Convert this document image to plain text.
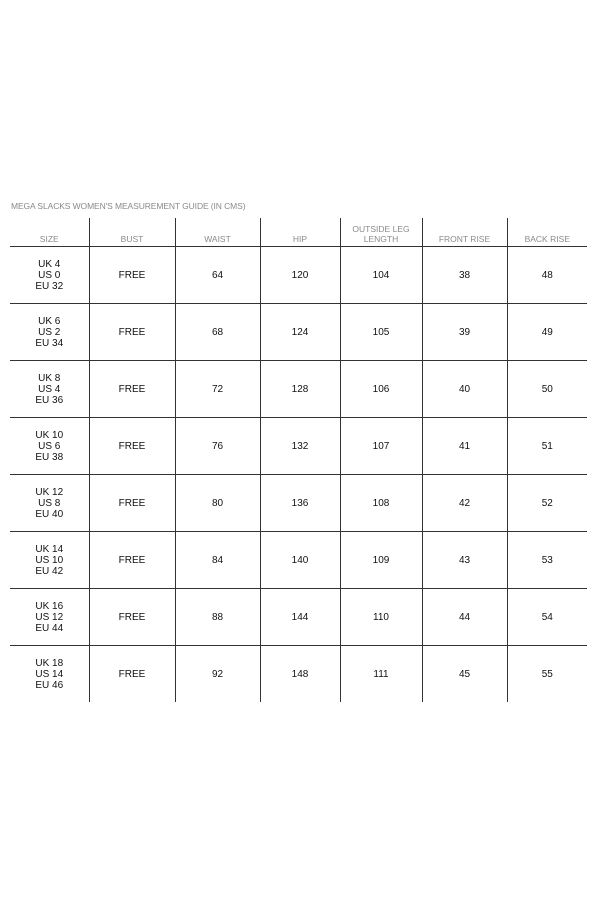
MEGA SLACKS WOMEN'S MEASUREMENT GUIDE (IN CMS)
SIZE	BUST	WAIST	HIP	OUTSIDE LEG LENGTH	FRONT RISE	BACK RISE

UK 4
US 0
EU 32	FREE	64	120	104	38	48

UK 6
US 2
EU 34	FREE	68	124	105	39	49

UK 8
US 4
EU 36	FREE	72	128	106	40	50

UK 10
US 6
EU 38	FREE	76	132	107	41	51

UK 12
US 8
EU 40	FREE	80	136	108	42	52

UK 14
US 10
EU 42	FREE	84	140	109	43	53

UK 16
US 12
EU 44	FREE	88	144	110	44	54

UK 18
US 14
EU 46	FREE	92	148	111	45	55
